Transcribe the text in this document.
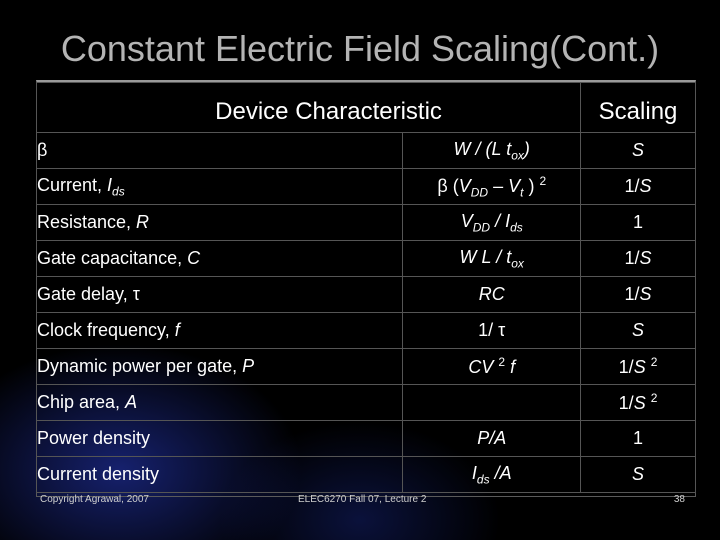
Constant Electric Field Scaling(Cont.)
Device Characteristic		Scaling
β	W / (L $t_{ox}$)	S
Current, $I_{ds}$	β ($V_{DD} - V_t$ ) $^2$	1/S
Resistance, R	$V_{DD} / I_{ds}$	1
Gate capacitance, C	W L / $t_{ox}$	1/S
Gate delay, τ	RC	1/S
Clock frequency, f	1/ τ	S
Dynamic power per gate, P	CV $^2$ f	1/S $^2$
Chip area, A		1/S $^2$
Power density	P/A	1
Current density	$I_{ds}$ /A	S
Copyright Agrawal, 2007	ELEC6270 Fall 07, Lecture 2	38
